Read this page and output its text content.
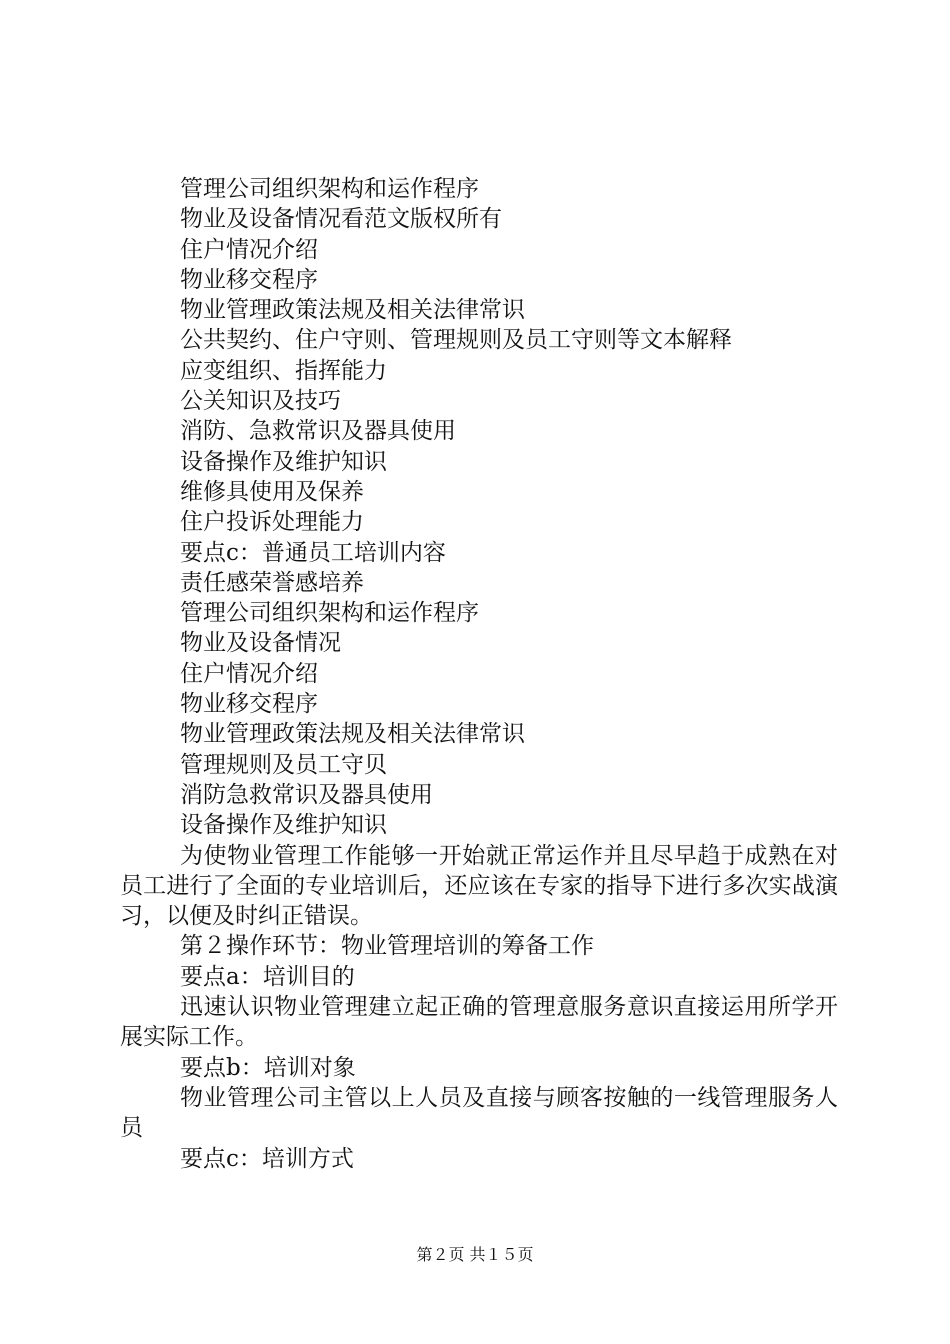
管理公司组织架构和运作程序
物业及设备情况看范文版权所有
住户情况介绍
物业移交程序
物业管理政策法规及相关法律常识
公共契约、住户守则、管理规则及员工守则等文本解释
应变组织、指挥能力
公关知识及技巧
消防、急救常识及器具使用
设备操作及维护知识
维修具使用及保养
住户投诉处理能力
要点c：普通员工培训内容
责任感荣誉感培养
管理公司组织架构和运作程序
物业及设备情况
住户情况介绍
物业移交程序
物业管理政策法规及相关法律常识
管理规则及员工守贝
消防急救常识及器具使用
设备操作及维护知识
为使物业管理工作能够一开始就正常运作并且尽早趋于成熟在对员工进行了全面的专业培训后，还应该在专家的指导下进行多次实战演习，以便及时纠正错误。
第２操作环节：物业管理培训的筹备工作
要点a：培训目的
迅速认识物业管理建立起正确的管理意服务意识直接运用所学开展实际工作。
要点b：培训对象
物业管理公司主管以上人员及直接与顾客按触的一线管理服务人员
要点c：培训方式
第２页 共１５页
